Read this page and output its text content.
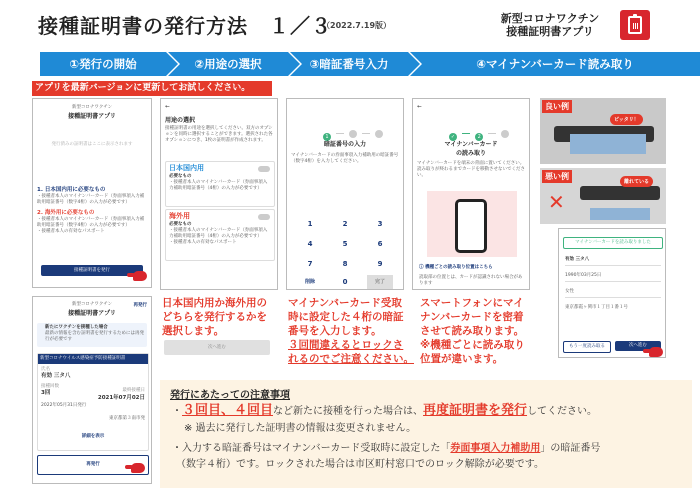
接種証明書の発行方法　１／３
（2022.7.19版）
新型コロナワクチン
接種証明書アプリ
①発行の開始	②用途の選択	③暗証番号入力	④マイナンバーカード読み取り
アプリを最新バージョンに更新してお試しください。
新型コロナワクチン
接種証明書アプリ
発行済みの証明書はここに表示されます
1. 日本国内用に必要なもの
・接種者本人のマイナンバーカード（券面事項入力補助用暗証番号（数字4桁）の入力が必要です）
2. 海外用に必要なもの
・接種者本人のマイナンバーカード（券面事項入力補助用暗証番号（数字4桁）の入力が必要です）
・接種者本人の有効なパスポート
接種証明書を発行
新型コロナワクチン
接種証明書アプリ
再発行
新たにワクチンを接種した場合
最新の情報を含む証明書を発行するためには再発行が必要です
新型コロナウイルス感染症予防接種証明書
氏名
有効 三タ八
接種回数
最終接種日
3回
2021年07月02日
2022年05月31日発行
東京都第３南市発
詳細を表示
再発行
←
用途の選択
接種証明書の用途を選択してください。双方のオプションを同時に選択することができます。選択された各オプションにつき、1枚の証明書が作成されます。
日本国内用
必要なもの
・接種者本人のマイナンバーカード（券面事項入力補助用暗証番号（4桁）の入力が必要です）
海外用
必要なもの
・接種者本人のマイナンバーカード（券面事項入力補助用暗証番号（4桁）の入力が必要です）
・接種者本人の有効なパスポート
日本国内用か海外用の
どちらを発行するかを
選択します。
次へ進む
1
暗証番号の入力
マイナンバーカードの券面事項入力補助用の暗証番号（数字4桁）を入力してください。
1	2	3
4	5	6
7	8	9
削除	0	完了
マイナンバーカード受取
時に設定した４桁の暗証
番号を入力します。
３回間違えるとロックさ
れるのでご注意ください。
←
✓	2
マイナンバーカード
の読み取り
マイナンバーカードを端末の背面に置いてください。読み取りが終わるまでカードを移動させないでください。
ⓘ 機種ごとの読み取り位置はこちら
読取部の位置とは、カードが認識されない場合があります
スマートフォンにマイ
ナンバーカードを密着
させて読み取ります。
※機種ごとに読み取り
位置が違います。
良い例
ピッタリ！
悪い例
離れている
✕
マイナンバーカードを読み取りました
有効 三タ八
1990年03月25日
女性
東京都霞ヶ関市１丁目１番１号
もう一度読み取る	次へ進む
発行にあたっての注意事項
・３回目、４回目など新たに接種を行った場合は、再度証明書を発行してください。
※ 過去に発行した証明書の情報は変更されません。
・入力する暗証番号はマイナンバーカード受取時に設定した「券面事項入力補助用」の暗証番号
（数字４桁）です。ロックされた場合は市区町村窓口でのロック解除が必要です。
